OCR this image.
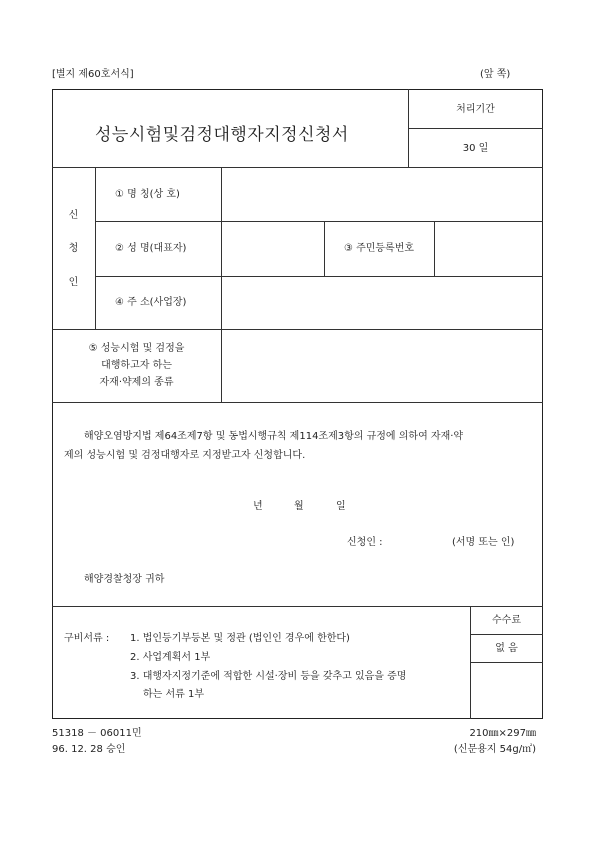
[별지 제60호서식]	(앞 쪽)
성능시험및검정대행자지정신청서
처리기간
30 일
신
청
인
① 명 칭(상 호)
② 성 명(대표자)	③ 주민등록번호
④ 주 소(사업장)
⑤ 성능시험 및 검정을
대행하고자 하는
자재·약제의 종류
해양오염방지법 제64조제7항 및 동법시행규칙 제114조제3항의 규정에 의하여 자재·약
제의 성능시험 및 검정대행자로 지정받고자 신청합니다.
년	월	일
신청인 :	(서명 또는 인)
해양경찰청장 귀하
구비서류 : 1. 법인등기부등본 및 정관 (법인인 경우에 한한다)
2. 사업계획서 1부
3. 대행자지정기준에 적합한 시설·장비 등을 갖추고 있음을 증명
하는 서류 1부
수수료
없 음
51318 － 06011민
96. 12. 28 승인
210㎜×297㎜
(신문용지 54g/㎡)
